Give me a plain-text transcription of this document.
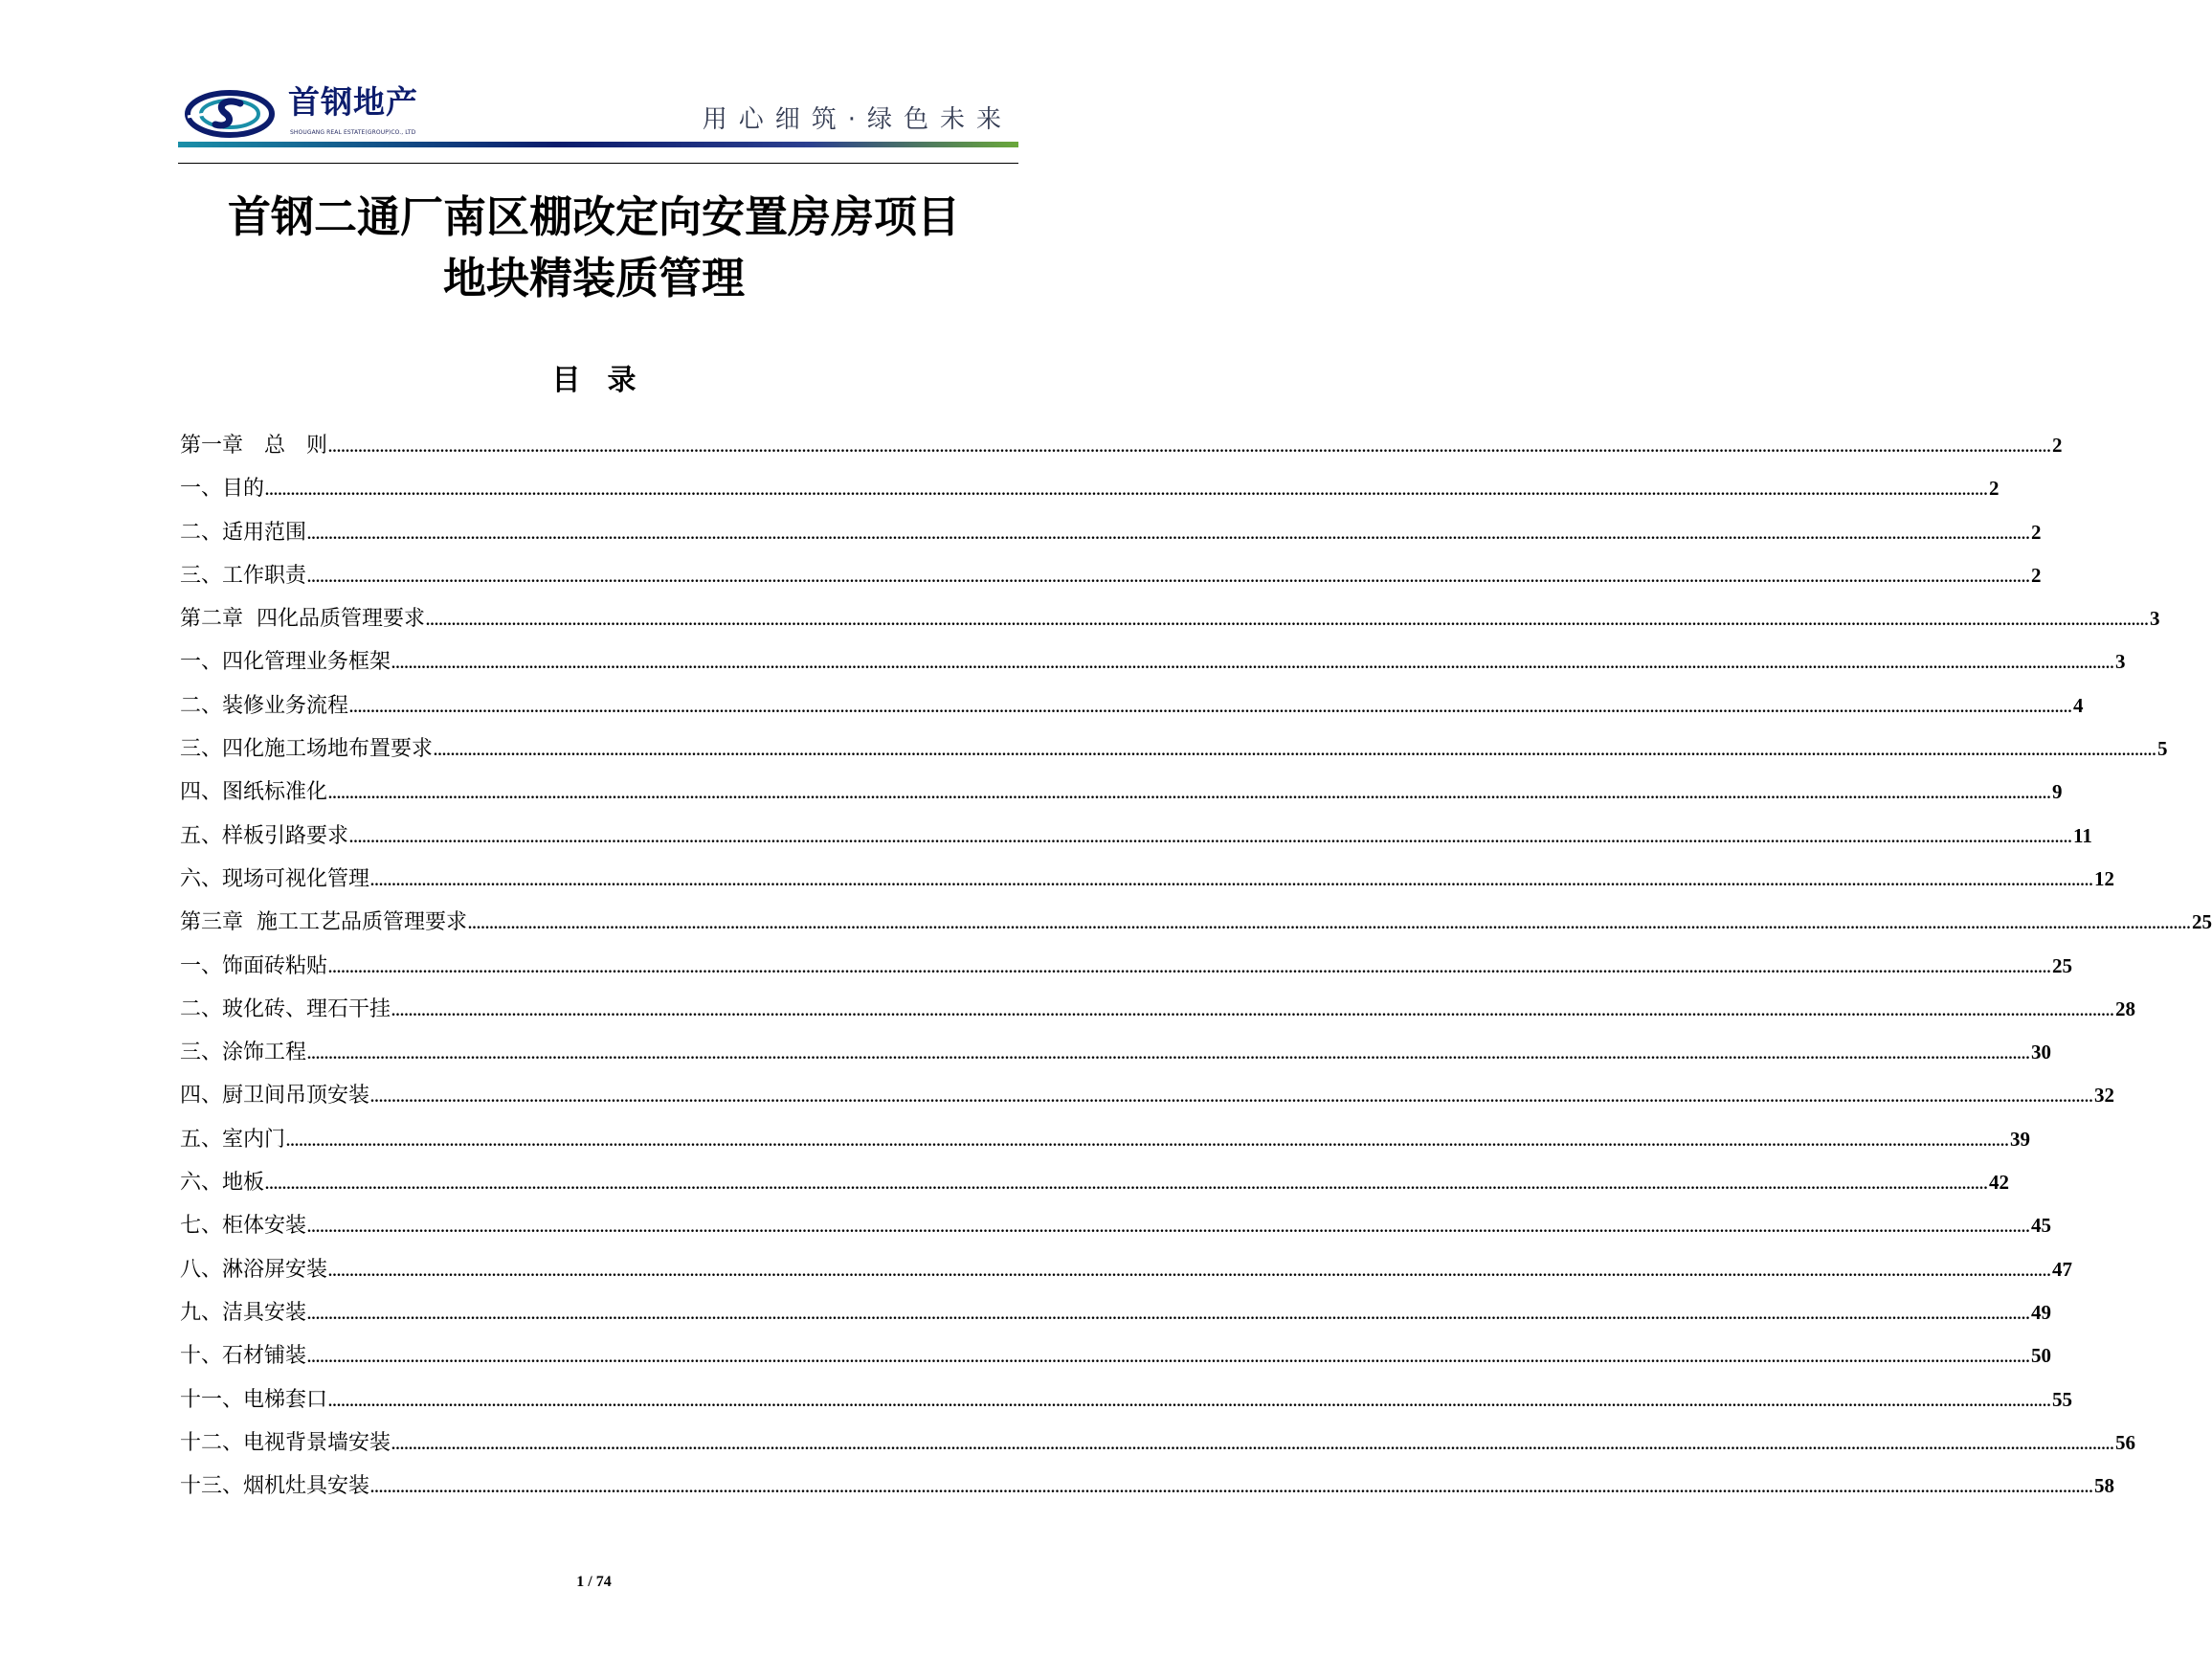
首钢地产
SHOUGANG REAL ESTATE(GROUP)CO., LTD	用心细筑·绿色未来
首钢二通厂南区棚改定向安置房房项目
地块精装质管理
目录
第一章　总　则 ................................................................................................................................................................................................................................................................................................................................................................................................................ 2
一、目的 ................................................................................................................................................................................................................................................................................................................................................................................................................ 2
二、适用范围 ................................................................................................................................................................................................................................................................................................................................................................................................................ 2
三、工作职责 ................................................................................................................................................................................................................................................................................................................................................................................................................ 2
第二章  四化品质管理要求 ................................................................................................................................................................................................................................................................................................................................................................................................................ 3
一、四化管理业务框架 ................................................................................................................................................................................................................................................................................................................................................................................................................ 3
二、装修业务流程 ................................................................................................................................................................................................................................................................................................................................................................................................................ 4
三、四化施工场地布置要求 ................................................................................................................................................................................................................................................................................................................................................................................................................ 5
四、图纸标准化 ................................................................................................................................................................................................................................................................................................................................................................................................................ 9
五、样板引路要求 ................................................................................................................................................................................................................................................................................................................................................................................................................ 11
六、现场可视化管理 ................................................................................................................................................................................................................................................................................................................................................................................................................ 12
第三章  施工工艺品质管理要求 ................................................................................................................................................................................................................................................................................................................................................................................................................ 25
一、饰面砖粘贴 ................................................................................................................................................................................................................................................................................................................................................................................................................ 25
二、玻化砖、理石干挂 ................................................................................................................................................................................................................................................................................................................................................................................................................ 28
三、涂饰工程 ................................................................................................................................................................................................................................................................................................................................................................................................................ 30
四、厨卫间吊顶安装 ................................................................................................................................................................................................................................................................................................................................................................................................................ 32
五、室内门 ................................................................................................................................................................................................................................................................................................................................................................................................................ 39
六、地板 ................................................................................................................................................................................................................................................................................................................................................................................................................ 42
七、柜体安装 ................................................................................................................................................................................................................................................................................................................................................................................................................ 45
八、淋浴屏安装 ................................................................................................................................................................................................................................................................................................................................................................................................................ 47
九、洁具安装 ................................................................................................................................................................................................................................................................................................................................................................................................................ 49
十、石材铺装 ................................................................................................................................................................................................................................................................................................................................................................................................................ 50
十一、电梯套口 ................................................................................................................................................................................................................................................................................................................................................................................................................ 55
十二、电视背景墙安装 ................................................................................................................................................................................................................................................................................................................................................................................................................ 56
十三、烟机灶具安装 ................................................................................................................................................................................................................................................................................................................................................................................................................ 58
1 / 74
